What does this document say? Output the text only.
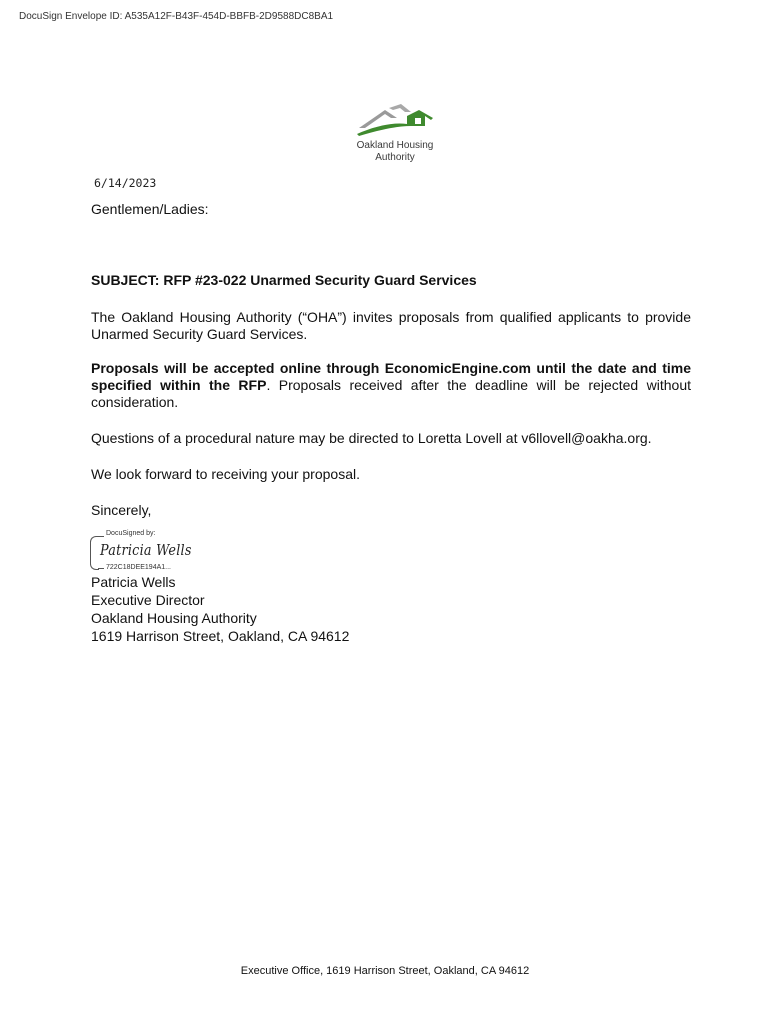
DocuSign Envelope ID: A535A12F-B43F-454D-BBFB-2D9588DC8BA1
Oakland Housing
Authority
6/14/2023

Gentlemen/Ladies:

SUBJECT: RFP #23-022 Unarmed Security Guard Services

The Oakland Housing Authority (“OHA”) invites proposals from qualified applicants to provide Unarmed Security Guard Services.

Proposals will be accepted online through EconomicEngine.com until the date and time specified within the RFP. Proposals received after the deadline will be rejected without consideration.

Questions of a procedural nature may be directed to Loretta Lovell at v6llovell@oakha.org.

We look forward to receiving your proposal.

Sincerely,

DocuSigned by:
Patricia Wells
722C18DEE194A1...
Patricia Wells
Executive Director
Oakland Housing Authority
1619 Harrison Street, Oakland, CA 94612
Executive Office, 1619 Harrison Street, Oakland, CA 94612
